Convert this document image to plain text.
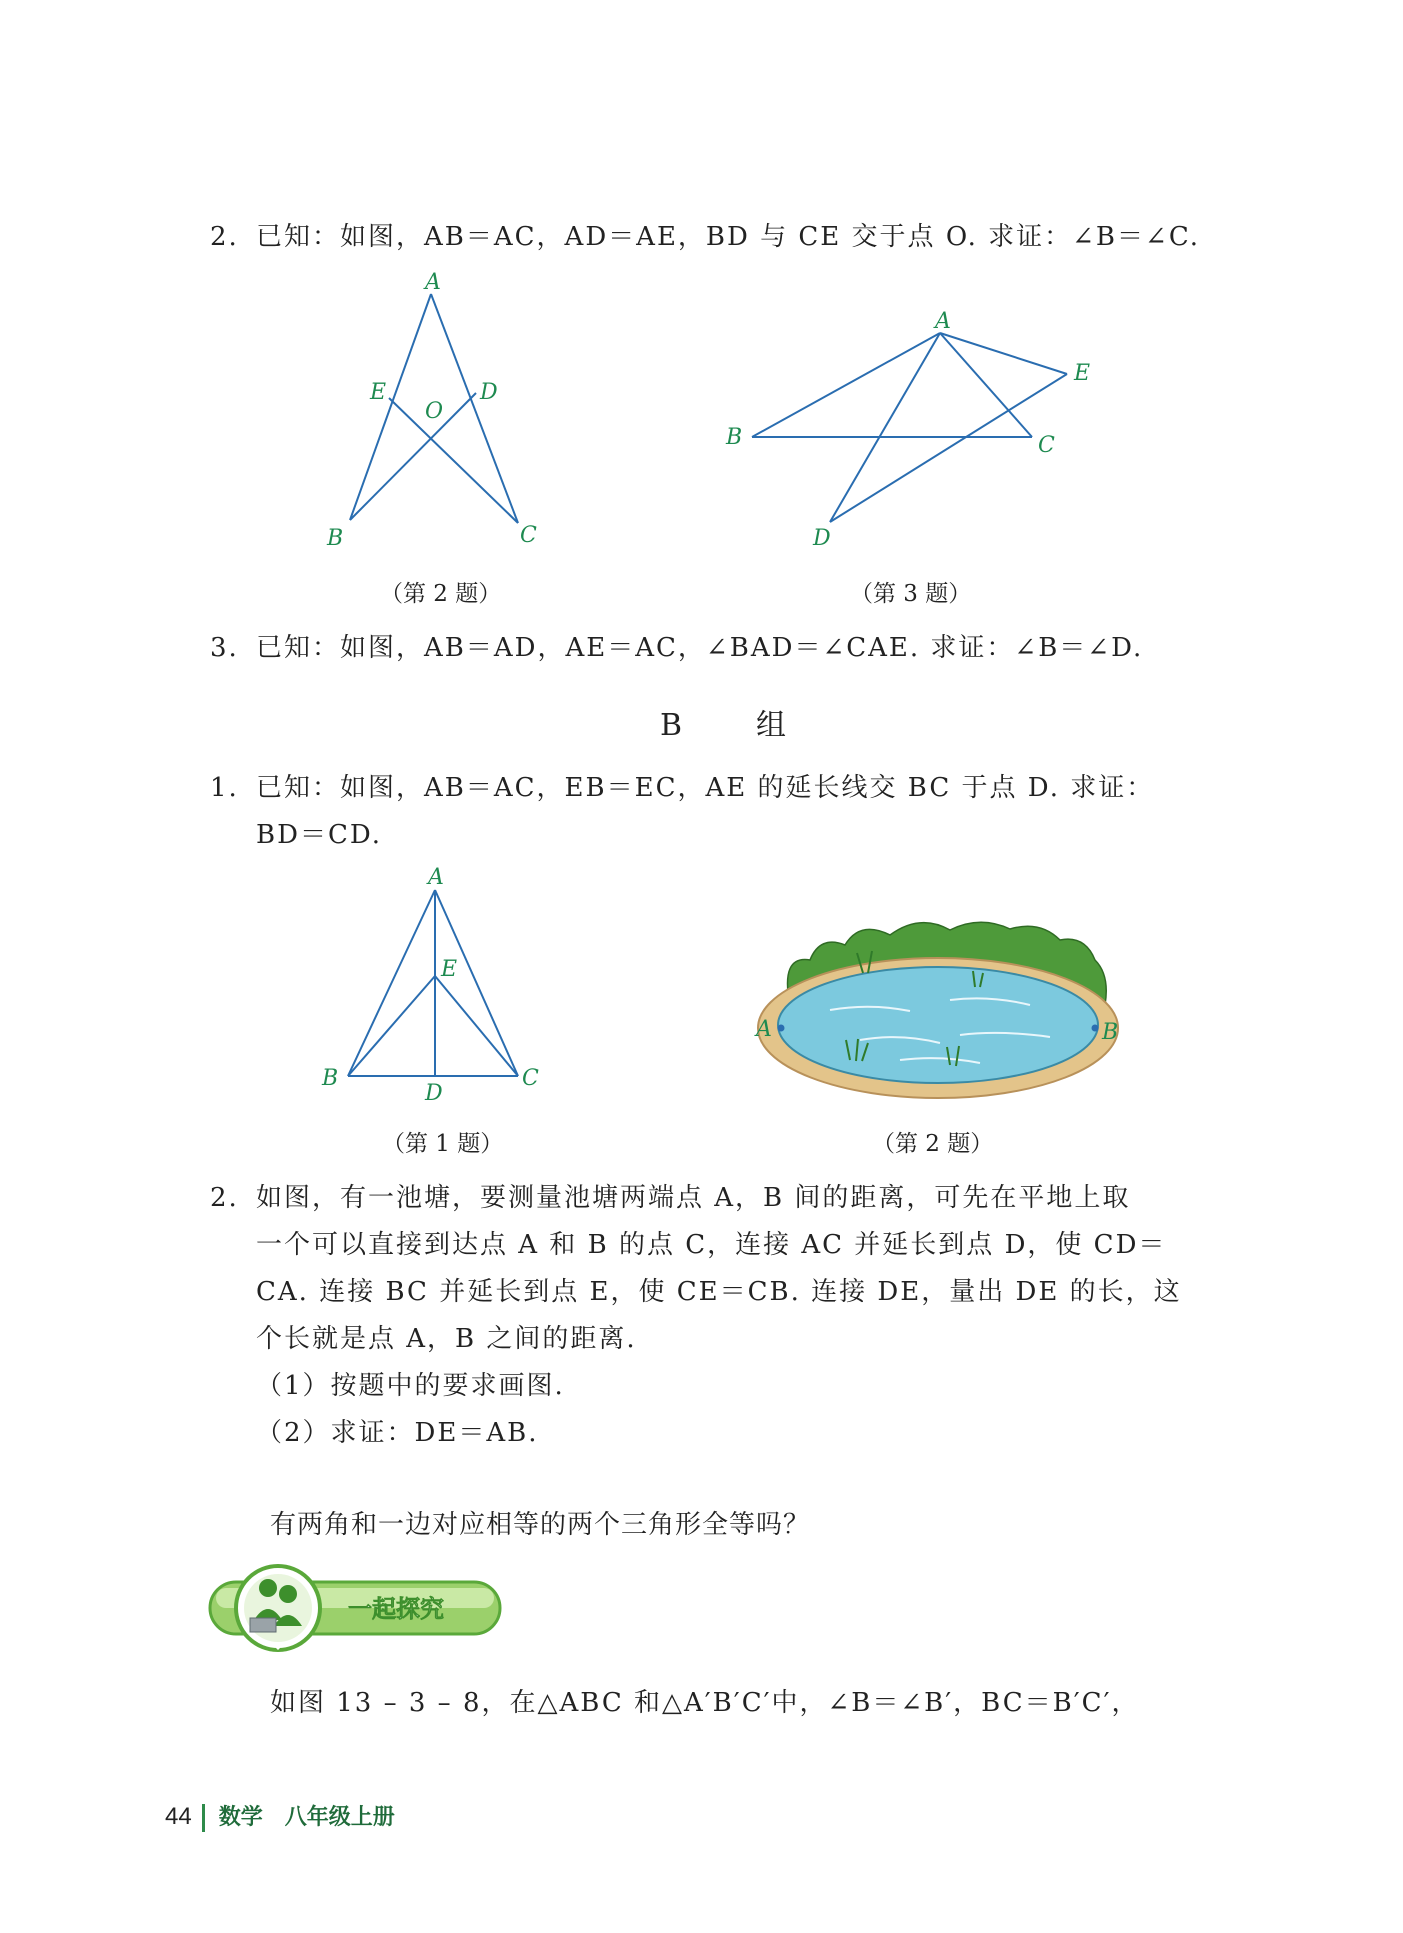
2. 已知：如图，AB＝AC，AD＝AE，BD 与 CE 交于点 O. 求证：∠B＝∠C.
A
E	D
O
B	C
A
E
B	C
D
（第 2 题）	（第 3 题）
3. 已知：如图，AB＝AD，AE＝AC，∠BAD＝∠CAE. 求证：∠B＝∠D.
B　组
1. 已知：如图，AB＝AC，EB＝EC，AE 的延长线交 BC 于点 D. 求证：
BD＝CD.
A
E
B	C
D
A	B
（第 1 题）	（第 2 题）
2. 如图，有一池塘，要测量池塘两端点 A，B 间的距离，可先在平地上取
一个可以直接到达点 A 和 B 的点 C，连接 AC 并延长到点 D，使 CD＝
CA. 连接 BC 并延长到点 E，使 CE＝CB. 连接 DE，量出 DE 的长，这
个长就是点 A，B 之间的距离.
（1）按题中的要求画图.
（2）求证：DE＝AB.
有两角和一边对应相等的两个三角形全等吗？
一起探究
如图 13 – 3 – 8，在△ABC 和△A′B′C′中，∠B＝∠B′，BC＝B′C′，
44 数学　八年级上册
